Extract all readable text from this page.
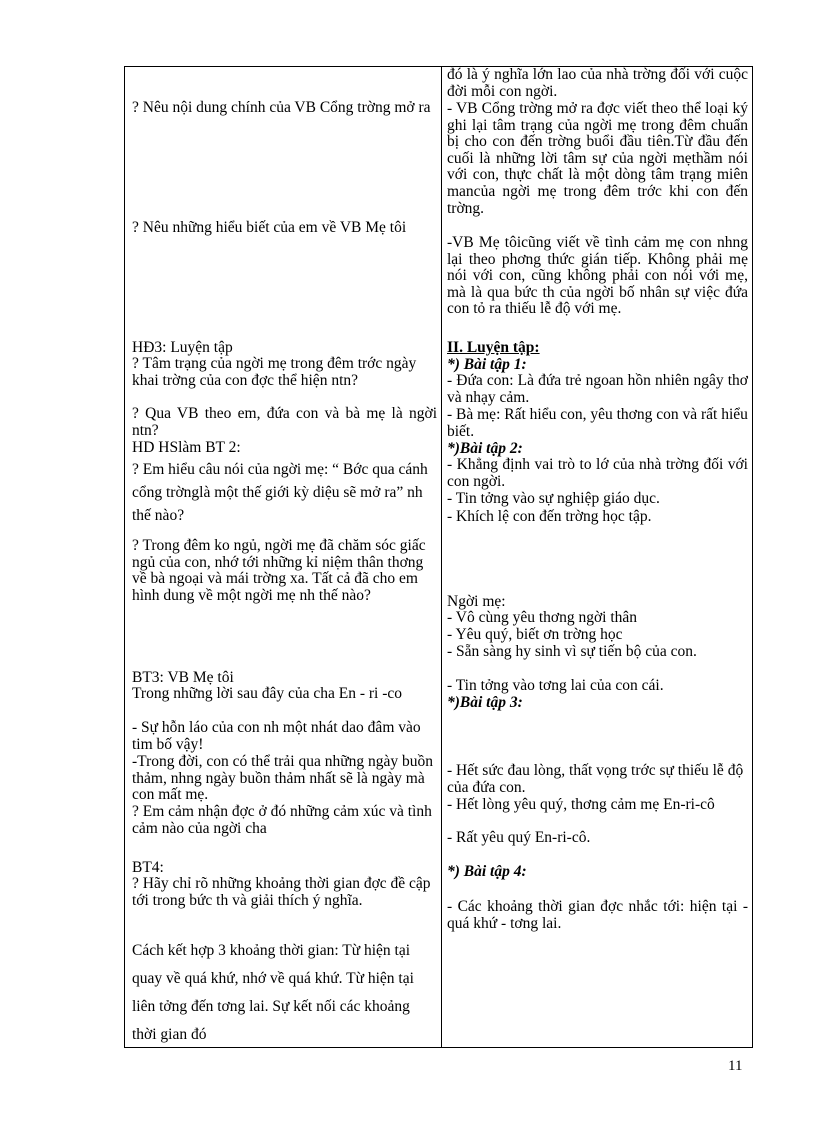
? Nêu nội dung chính của VB Cổng trờng mở ra
? Nêu những hiểu biết của em về VB Mẹ tôi
HĐ3: Luyện tập
? Tâm trạng của ngời mẹ trong đêm trớc ngày khai trờng của con đợc thể hiện ntn?
? Qua VB theo em, đứa con và bà mẹ là ngời ntn?
HD HSlàm BT 2:
? Em hiểu câu nói của ngời mẹ: “ Bớc qua cánh cổng trờnglà một thế giới kỳ diệu sẽ mở ra” nh thế nào?
? Trong đêm ko ngủ, ngời mẹ đã chăm sóc giấc ngủ của con, nhớ tới những kỉ niệm thân thơng về bà ngoại và mái trờng xa. Tất cả đã cho em hình dung về một ngời mẹ nh thế nào?
BT3: VB Mẹ tôi
Trong những lời sau đây của cha En - ri -co
- Sự hỗn láo của con nh một nhát dao đâm vào tim bố vậy!
-Trong đời, con có thể trải qua những ngày buồn thảm, nhng ngày buồn thảm nhất sẽ là ngày mà con mất mẹ.
? Em cảm nhận đợc ở đó những cảm xúc và tình cảm nào của ngời cha
BT4:
? Hãy chỉ rõ những khoảng thời gian đợc đề cập tới trong bức th và giải thích ý nghĩa.
Cách kết hợp 3 khoảng thời gian: Từ hiện tại quay về quá khứ, nhớ về quá khứ. Từ hiện tại liên tởng đến tơng lai. Sự kết nối các khoảng thời gian đó
đó là ý nghĩa lớn lao của nhà trờng đối với cuộc đời mỗi con ngời.
- VB Cổng trờng mở ra đợc viết theo thể loại ký ghi lại tâm trạng của ngời mẹ trong đêm chuẩn bị cho con đến trờng buổi đầu tiên.Từ đầu đến cuối là những lời tâm sự của ngời mẹthầm nói với con, thực chất là một dòng tâm trạng miên mancủa ngời mẹ trong đêm trớc khi con đến trờng.
-VB Mẹ tôicũng viết về tình cảm mẹ con nhng lại theo phơng thức gián tiếp. Không phải mẹ nói với con, cũng không phải con nói với mẹ, mà là qua bức th của ngời bố nhân sự việc đứa con tỏ ra thiếu lễ độ với mẹ.
II. Luyện tập:
*) Bài tập 1:
- Đứa con: Là đứa trẻ ngoan hồn nhiên ngây thơ và nhạy cảm.
- Bà mẹ: Rất hiểu con, yêu thơng con và rất hiểu biết.
*)Bài tập 2:
- Khẳng định vai trò to lớ của nhà trờng đối với con ngời.
- Tin tởng vào sự nghiệp giáo dục.
- Khích lệ con đến trờng học tập.
Ngời mẹ:
- Vô cùng yêu thơng ngời thân
- Yêu quý, biết ơn trờng học
- Sẵn sàng hy sinh vì sự tiến bộ của con.
- Tin tởng vào tơng lai của con cái.
*)Bài tập 3:
- Hết sức đau lòng, thất vọng trớc sự thiếu lễ độ của đứa con.
- Hết lòng yêu quý, thơng cảm mẹ En-ri-cô
- Rất yêu quý En-ri-cô.
*) Bài tập 4:
- Các khoảng thời gian đợc nhắc tới: hiện tại - quá khứ - tơng lai.
11
